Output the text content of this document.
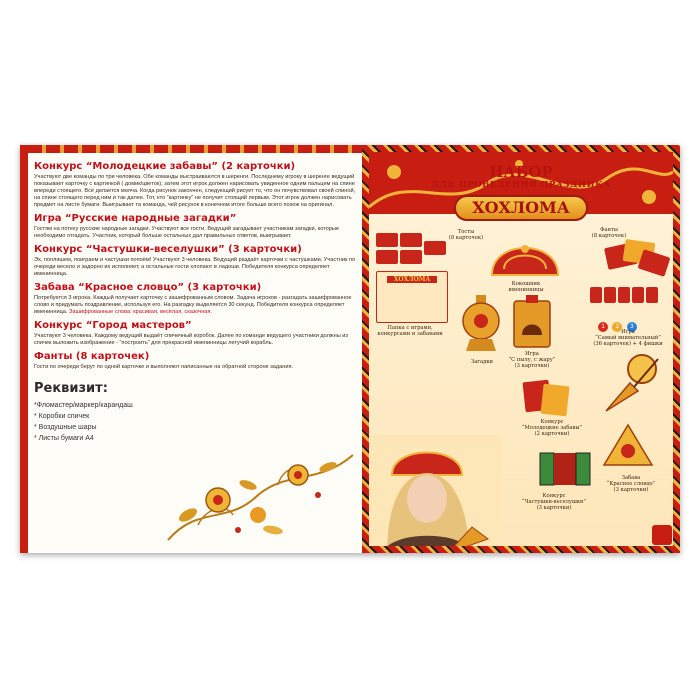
Конкурс “Молодецкие забавы” (2 карточки)

Участвуют две команды по три человека. Обе команды выстраиваются в шеренги. Последнему игроку в шеренге ведущий показывает карточку с картинкой ( домик/цветок), затем этот игрок должен нарисовать увиденное одним пальцем на спине впереди стоящего. Всё делается молча. Когда рисунок закончен, следующий рисует то, что он почувствовал своей спиной, на спине стоящего перед ним и так далее. Тот, кто “картинку” не получит стоящий первым. Этот игрок должен нарисовать предмет на листе бумаги. Выигрывает та команда, чей рисунок в конечном итоге больше всего похож на оригинал.

Игра “Русские народные загадки”

Гостям на потеху русские народные загадки. Участвуют все гости. Ведущий загадывает участникам загадки, которые необходимо отгадать. Участник, который больше остальных дал правильных ответов, выигрывает.

Конкурс “Частушки-веселушки” (3 карточки)

Эх, попляшем, поиграем и частушки попоём! Участвуют 3 человека. Ведущий раздаёт карточки с частушками. Участник по очереди весело и задорно их исполняет, а остальные гости хлопают в ладоши. Победителя конкурса определяет именинница.

Забава “Красное словцо” (3 карточки)

Потребуется 3 игрока. Каждый получает карточку с зашифрованным словом. Задача игроков - разгадать зашифрованное слово и придумать поздравление, используя его. На разгадку выделяется 30 секунд. Победителя конкурса определяет именинница. Зашифрованные слова: красивая, весёлая, сказочная.

Конкурс “Город мастеров”

Участвуют 3 человека. Каждому ведущий выдаёт спичечный коробок. Далее по команде ведущего участники должны из спичек выложить изображение - “построить” для прекрасной именинницы летучий корабль.

Фанты (8 карточек)

Гости по очереди берут по одной карточке и выполняют написанные на обратной стороне задания.

Реквизит:
*Фломастер/маркер/карандаш
* Коробки спичек
* Воздушные шары
* Листы бумаги А4
НАБОР
ДЛЯ ПРОВЕДЕНИЯ ПРАЗДНИКА
ХОХЛОМА
Тосты
(8 карточек)
Кокошник
именинницы
Фанты
(8 карточек)
ХОХЛОМА
Папка с играми,
конкурсами и забавами
1 2 3
Игра
“Самый внимательный”
(36 карточек) + 4 фишки
Загадки
Игра
“С пылу, с жару”
(3 карточки)
Конкурс
“Молодецкие забавы”
(2 карточки)
Забава
“Красное словцо”
(3 карточки)
Конкурс
“Частушки-веселушки”
(3 карточки)
